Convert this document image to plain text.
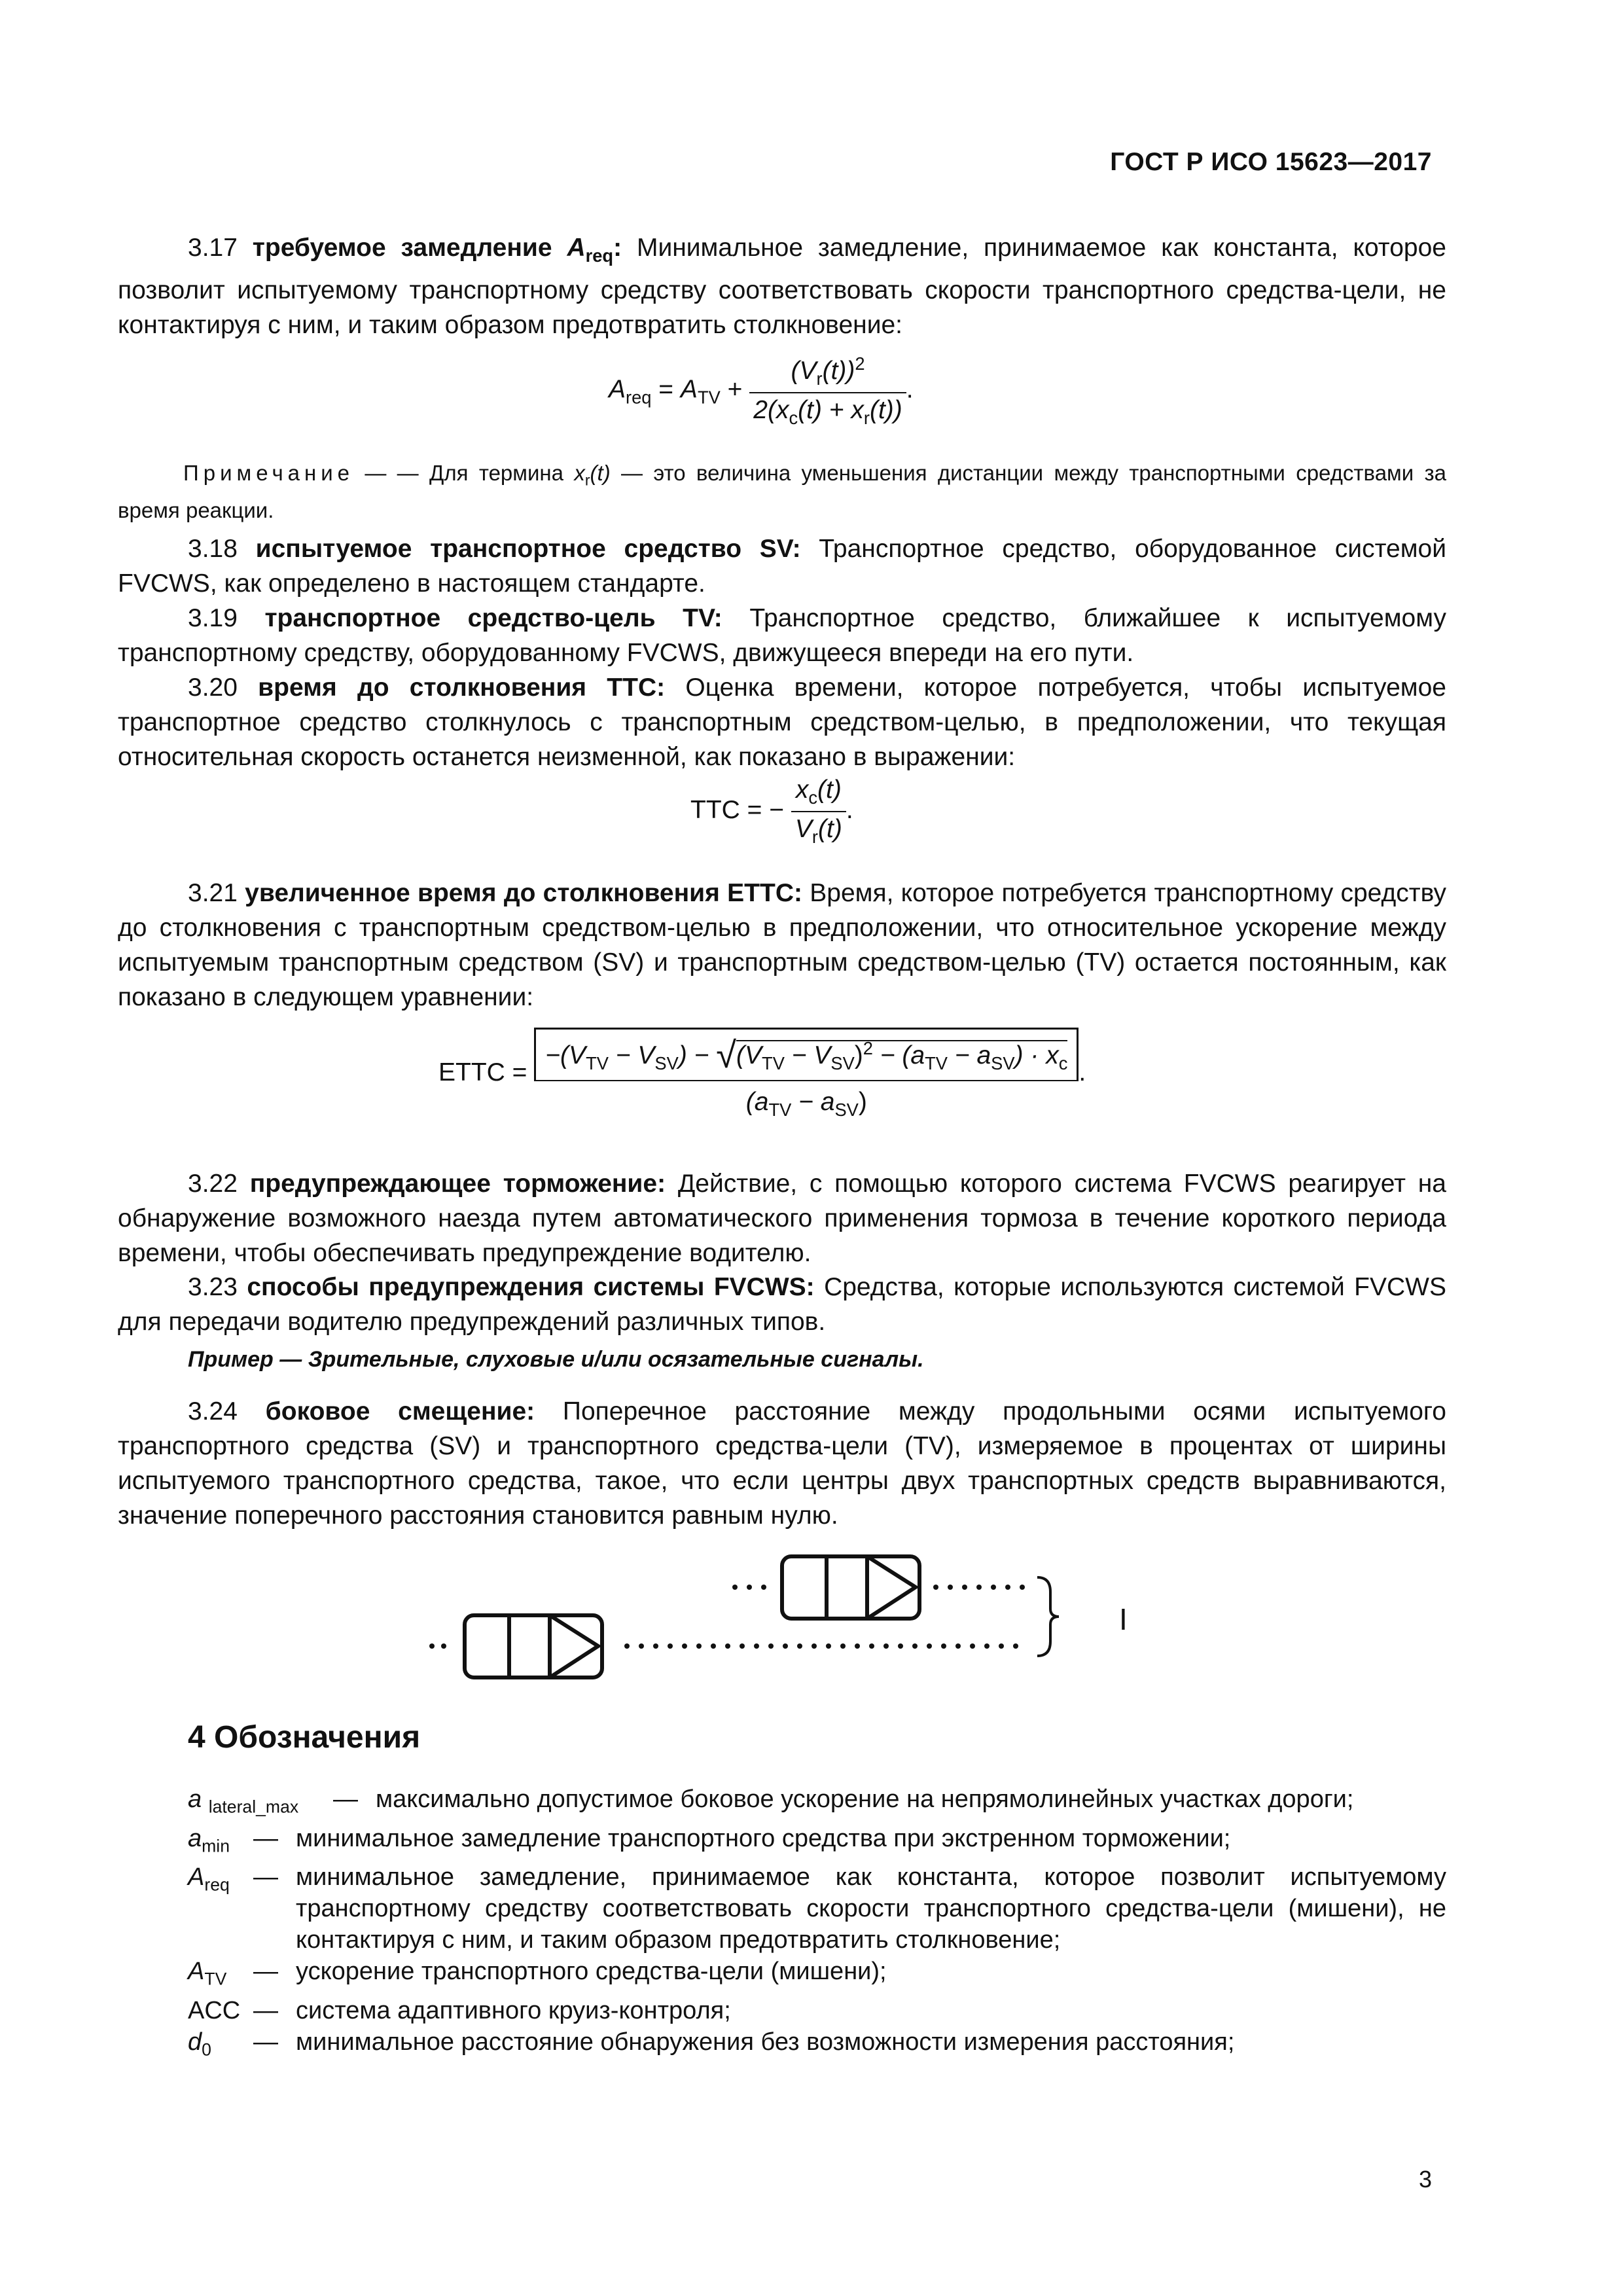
ГОСТ Р ИСО 15623—2017

3.17 требуемое замедление $A_{req}$: Минимальное замедление, принимаемое как константа, которое позволит испытуемому транспортному средству соответствовать скорости транспортного средства-цели, не контактируя с ним, и таким образом предотвратить столкновение:

$A_{req} = A_{TV} + \frac{(V_r(t))^2}{2(x_c(t) + x_r(t))}$ .

Примечание — — Для термина $x_r(t)$ — это величина уменьшения дистанции между транспортными средствами за время реакции.

3.18 испытуемое транспортное средство SV: Транспортное средство, оборудованное системой FVCWS, как определено в настоящем стандарте.

3.19 транспортное средство-цель TV: Транспортное средство, ближайшее к испытуемому транспортному средству, оборудованному FVCWS, движущееся впереди на его пути.

3.20 время до столкновения TTC: Оценка времени, которое потребуется, чтобы испытуемое транспортное средство столкнулось с транспортным средством-целью, в предположении, что текущая относительная скорость останется неизменной, как показано в выражении:

TTC = − $\frac{x_c(t)}{V_r(t)}$ .

3.21 увеличенное время до столкновения ETTC: Время, которое потребуется транспортному средству до столкновения с транспортным средством-целью в предположении, что относительное ускорение между испытуемым транспортным средством (SV) и транспортным средством-целью (TV) остается постоянным, как показано в следующем уравнении:

ETTC = $\frac{-(V_{TV} - V_{SV}) - √(V_{TV} - V_{SV})^2 - (a_{TV} - a_{SV}) \cdot x_c}{(a_{TV} - a_{SV})}$ .

3.22 предупреждающее торможение: Действие, с помощью которого система FVCWS реагирует на обнаружение возможного наезда путем автоматического применения тормоза в течение короткого периода времени, чтобы обеспечивать предупреждение водителю.

3.23 способы предупреждения системы FVCWS: Средства, которые используются системой FVCWS для передачи водителю предупреждений различных типов.

Пример — Зрительные, слуховые и/или осязательные сигналы.

3.24 боковое смещение: Поперечное расстояние между продольными осями испытуемого транспортного средства (SV) и транспортного средства-цели (TV), измеряемое в процентах от ширины испытуемого транспортного средства, такое, что если центры двух транспортных средств выравниваются, значение поперечного расстояния становится равным нулю.

I
4 Обозначения
a $_{lateral\_max}$	— максимально допустимое боковое ускорение на непрямолинейных участках дороги;
$a_{min}$ — минимальное замедление транспортного средства при экстренном торможении;
$A_{req}$ — минимальное замедление, принимаемое как константа, которое позволит испытуемому транспортному средству соответствовать скорости транспортного средства-цели (мишени), не контактируя с ним, и таким образом предотвратить столкновение;
$A_{TV}$	— ускорение транспортного средства-цели (мишени);
ACC — система адаптивного круиз-контроля;
$d_0$	— минимальное расстояние обнаружения без возможности измерения расстояния;
3
